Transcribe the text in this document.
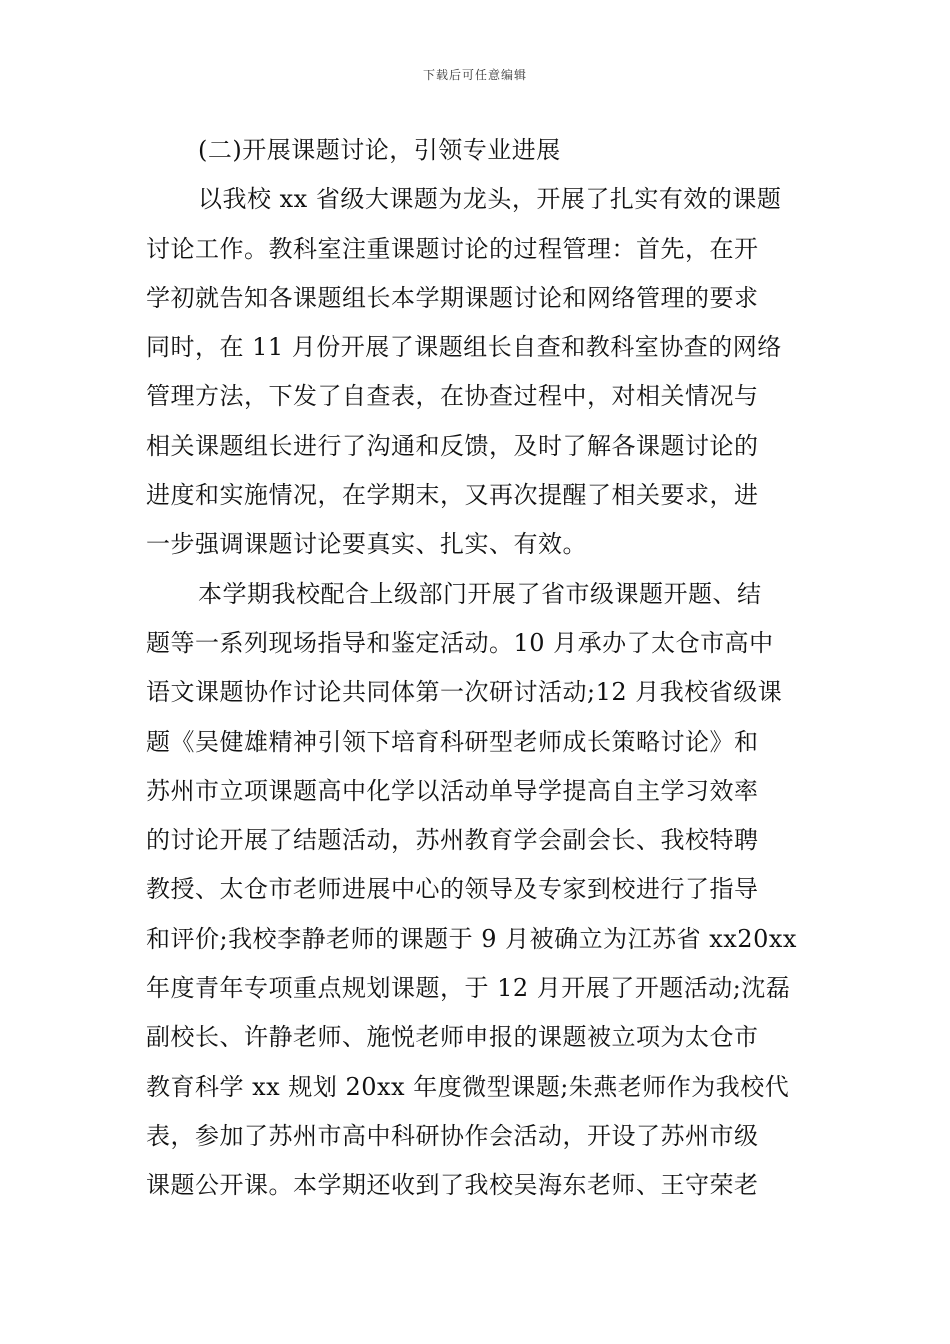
下载后可任意编辑
(二)开展课题讨论，引领专业进展
以我校 xx 省级大课题为龙头，开展了扎实有效的课题
讨论工作。教科室注重课题讨论的过程管理：首先，在开
学初就告知各课题组长本学期课题讨论和网络管理的要求
同时，在 11 月份开展了课题组长自查和教科室协查的网络
管理方法，下发了自查表，在协查过程中，对相关情况与
相关课题组长进行了沟通和反馈，及时了解各课题讨论的
进度和实施情况，在学期末，又再次提醒了相关要求，进
一步强调课题讨论要真实、扎实、有效。
本学期我校配合上级部门开展了省市级课题开题、结
题等一系列现场指导和鉴定活动。10 月承办了太仓市高中
语文课题协作讨论共同体第一次研讨活动;12 月我校省级课
题《吴健雄精神引领下培育科研型老师成长策略讨论》和
苏州市立项课题高中化学以活动单导学提高自主学习效率
的讨论开展了结题活动，苏州教育学会副会长、我校特聘
教授、太仓市老师进展中心的领导及专家到校进行了指导
和评价;我校李静老师的课题于 9 月被确立为江苏省 xx20xx
年度青年专项重点规划课题，于 12 月开展了开题活动;沈磊
副校长、许静老师、施悦老师申报的课题被立项为太仓市
教育科学 xx 规划 20xx 年度微型课题;朱燕老师作为我校代
表，参加了苏州市高中科研协作会活动，开设了苏州市级
课题公开课。本学期还收到了我校吴海东老师、王守荣老
